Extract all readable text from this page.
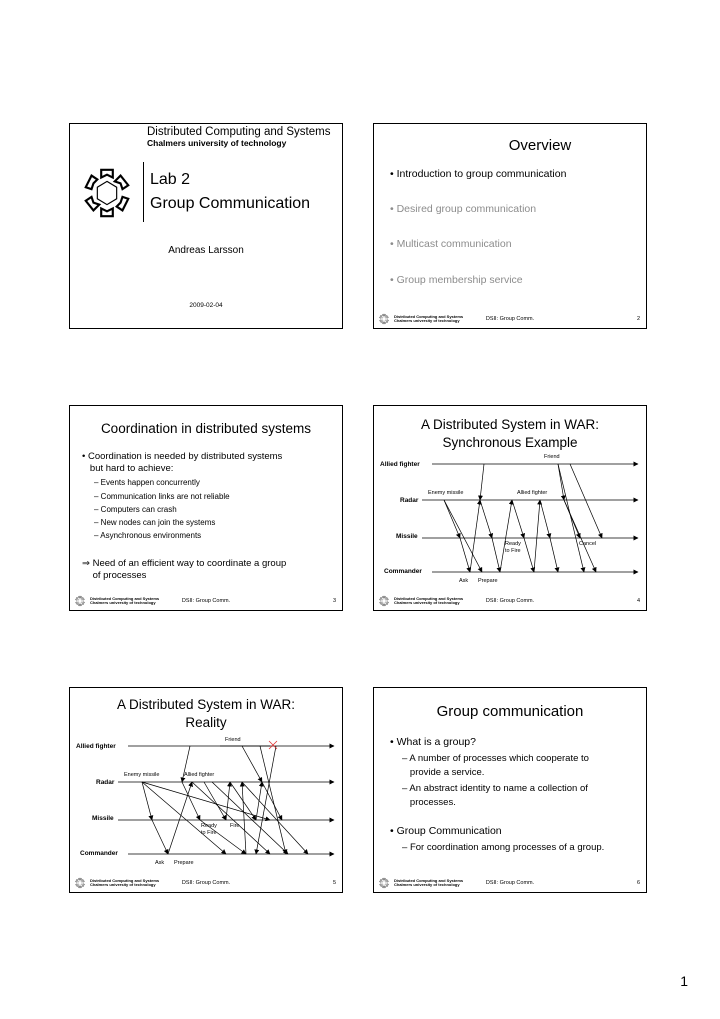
Distributed Computing and Systems
Chalmers university of technology
Lab 2
Group Communication
Andreas Larsson
2009-02-04
Overview
• Introduction to group communication
• Desired group communication
• Multicast communication
• Group membership service
Distributed Computing and Systems
Chalmers university of technology	DSII: Group Comm.	2
Coordination in distributed systems
• Coordination is needed by distributed systems
but hard to achieve:
– Events happen concurrently
– Communication links are not reliable
– Computers can crash
– New nodes can join the systems
– Asynchronous environments
⇒ Need of an efficient way to coordinate a group
of processes
Distributed Computing and Systems
Chalmers university of technology	DSII: Group Comm.	3
A Distributed System in WAR:
Synchronous Example
Friend
Allied fighter
Enemy missile	Allied fighter
Radar
Missile
Ready
to Fire
Cancel
Commander
Ask Prepare
Distributed Computing and Systems
Chalmers university of technology	DSII: Group Comm.	4
A Distributed System in WAR:
Reality
Friend
Allied fighter
Enemy missile	Allied fighter
Radar
Missile
Ready Fire
to Fire
Commander
Ask Prepare
Distributed Computing and Systems
Chalmers university of technology	DSII: Group Comm.	5
Group communication
• What is a group?
– A number of processes which cooperate to
provide a service.
– An abstract identity to name a collection of
processes.
• Group Communication
– For coordination among processes of a group.
Distributed Computing and Systems
Chalmers university of technology	DSII: Group Comm.	6
1
